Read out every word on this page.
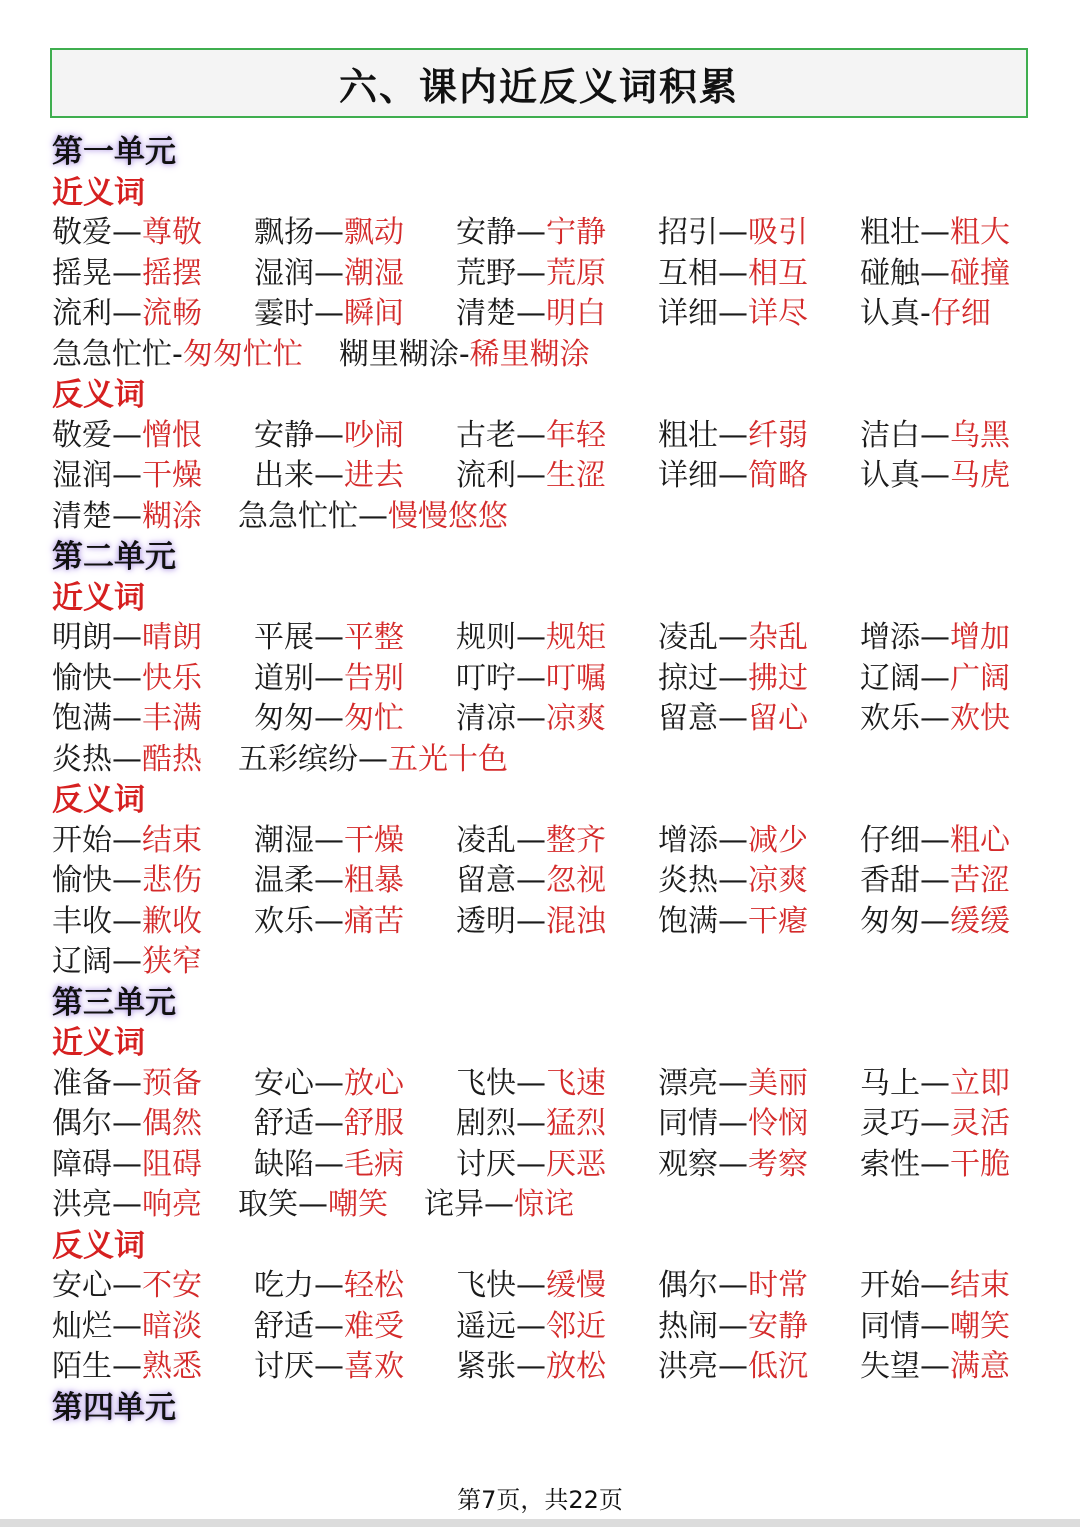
六、课内近反义词积累
第一单元
近义词
敬爱—尊敬 飘扬—飘动 安静—宁静 招引—吸引 粗壮—粗大
摇晃—摇摆 湿润—潮湿 荒野—荒原 互相—相互 碰触—碰撞
流利—流畅 霎时—瞬间 清楚—明白 详细—详尽 认真-仔细
急急忙忙-匆匆忙忙 糊里糊涂-稀里糊涂
反义词
敬爱—憎恨 安静—吵闹 古老—年轻 粗壮—纤弱 洁白—乌黑
湿润—干燥 出来—进去 流利—生涩 详细—简略 认真—马虎
清楚—糊涂 急急忙忙—慢慢悠悠
第二单元
近义词
明朗—晴朗 平展—平整 规则—规矩 凌乱—杂乱 增添—增加
愉快—快乐 道别—告别 叮咛—叮嘱 掠过—拂过 辽阔—广阔
饱满—丰满 匆匆—匆忙 清凉—凉爽 留意—留心 欢乐—欢快
炎热—酷热 五彩缤纷—五光十色
反义词
开始—结束 潮湿—干燥 凌乱—整齐 增添—减少 仔细—粗心
愉快—悲伤 温柔—粗暴 留意—忽视 炎热—凉爽 香甜—苦涩
丰收—歉收 欢乐—痛苦 透明—混浊 饱满—干瘪 匆匆—缓缓
辽阔—狭窄
第三单元
近义词
准备—预备 安心—放心 飞快—飞速 漂亮—美丽 马上—立即
偶尔—偶然 舒适—舒服 剧烈—猛烈 同情—怜悯 灵巧—灵活
障碍—阻碍 缺陷—毛病 讨厌—厌恶 观察—考察 索性—干脆
洪亮—响亮 取笑—嘲笑 诧异—惊诧
反义词
安心—不安 吃力—轻松 飞快—缓慢 偶尔—时常 开始—结束
灿烂—暗淡 舒适—难受 遥远—邻近 热闹—安静 同情—嘲笑
陌生—熟悉 讨厌—喜欢 紧张—放松 洪亮—低沉 失望—满意
第四单元
第7页，共22页
